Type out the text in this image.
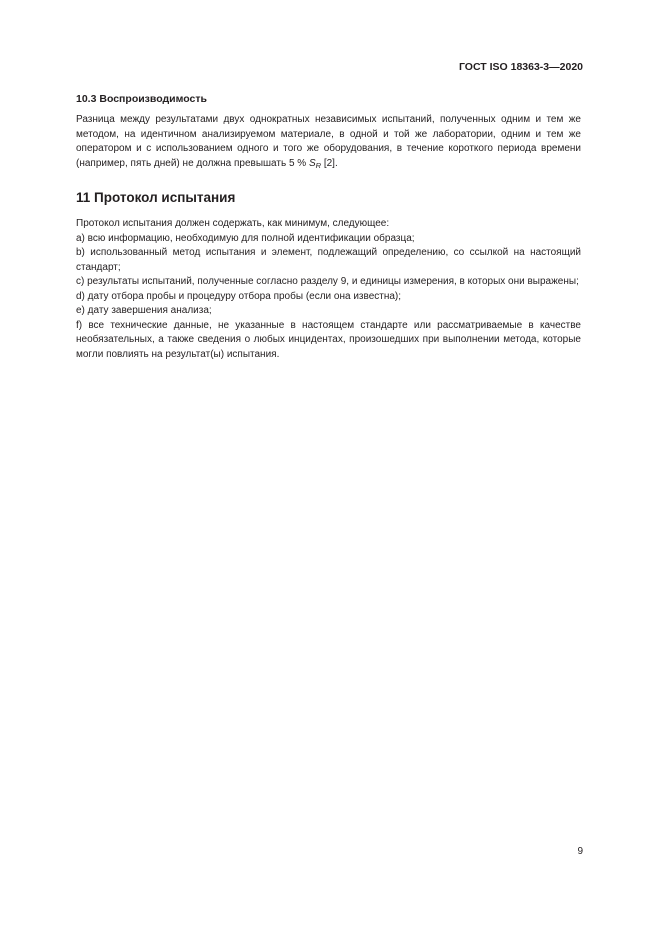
ГОСТ ISO 18363-3—2020
10.3 Воспроизводимость

Разница между результатами двух однократных независимых испытаний, полученных одним и тем же методом, на идентичном анализируемом материале, в одной и той же лаборатории, одним и тем же оператором и с использованием одного и того же оборудования, в течение короткого периода времени (например, пять дней) не должна превышать 5 % $S_R$ [2].

11 Протокол испытания

Протокол испытания должен содержать, как минимум, следующее:

a) всю информацию, необходимую для полной идентификации образца;

b) использованный метод испытания и элемент, подлежащий определению, со ссылкой на настоящий стандарт;

c) результаты испытаний, полученные согласно разделу 9, и единицы измерения, в которых они выражены;

d) дату отбора пробы и процедуру отбора пробы (если она известна);

e) дату завершения анализа;

f) все технические данные, не указанные в настоящем стандарте или рассматриваемые в качестве необязательных, а также сведения о любых инцидентах, произошедших при выполнении метода, которые могли повлиять на результат(ы) испытания.

9
